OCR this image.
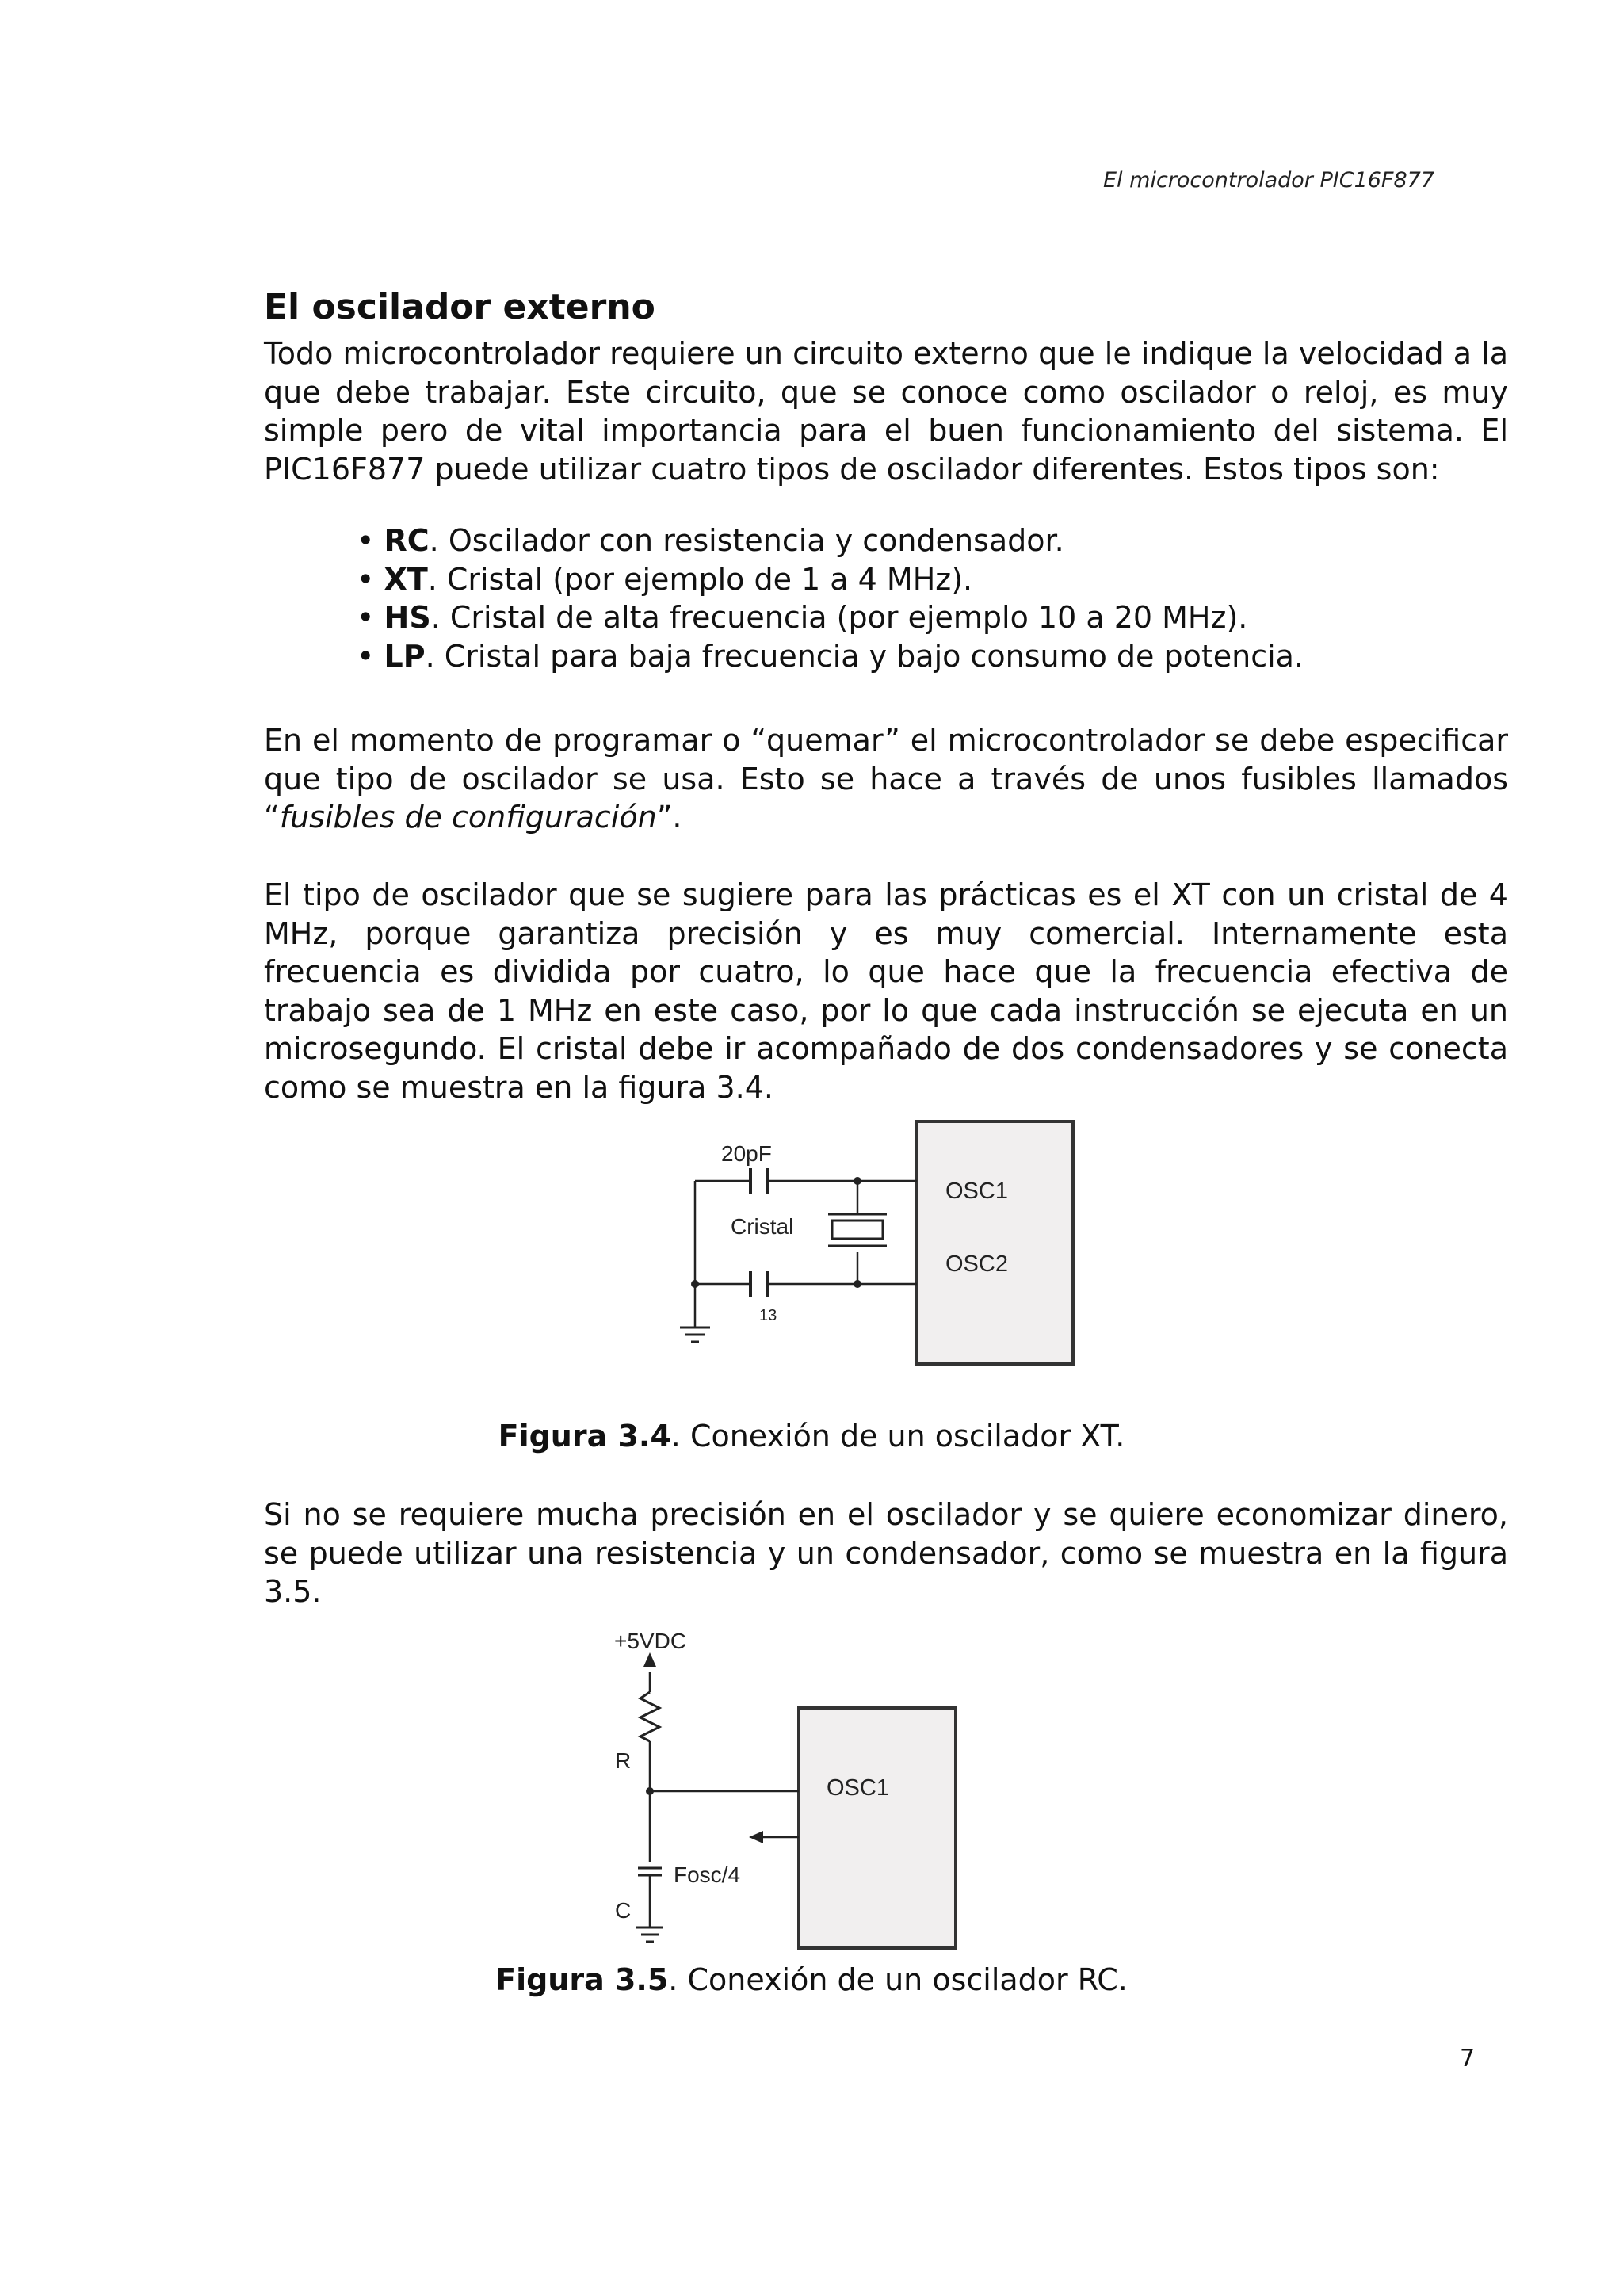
El microcontrolador PIC16F877
El oscilador externo

Todo microcontrolador requiere un circuito externo que le indique la velocidad a la que debe trabajar. Este circuito, que se conoce como oscilador o reloj, es muy simple pero de vital importancia para el buen funcionamiento del sistema. El PIC16F877 puede utilizar cuatro tipos de oscilador diferentes. Estos tipos son:

• RC. Oscilador con resistencia y condensador.
• XT. Cristal (por ejemplo de 1 a 4 MHz).
• HS. Cristal de alta frecuencia (por ejemplo 10 a 20 MHz).
• LP. Cristal para baja frecuencia y bajo consumo de potencia.

En el momento de programar o “quemar” el microcontrolador se debe especificar que tipo de oscilador se usa. Esto se hace a través de unos fusibles llamados “fusibles de configuración”.

El tipo de oscilador que se sugiere para las prácticas es el XT con un cristal de 4 MHz, porque garantiza precisión y es muy comercial. Internamente esta frecuencia es dividida por cuatro, lo que hace que la frecuencia efectiva de trabajo sea de 1 MHz en este caso, por lo que cada instrucción se ejecuta en un microsegundo. El cristal debe ir acompañado de dos condensadores y se conecta como se muestra en la figura 3.4.

20pF
Cristal
13
OSC1
OSC2
Figura 3.4. Conexión de un oscilador XT.

Si no se requiere mucha precisión en el oscilador y se quiere economizar dinero, se puede utilizar una resistencia y un condensador, como se muestra en la figura 3.5.

+5VDC
R
C
Fosc/4
OSC1
Figura 3.5. Conexión de un oscilador RC.
7
